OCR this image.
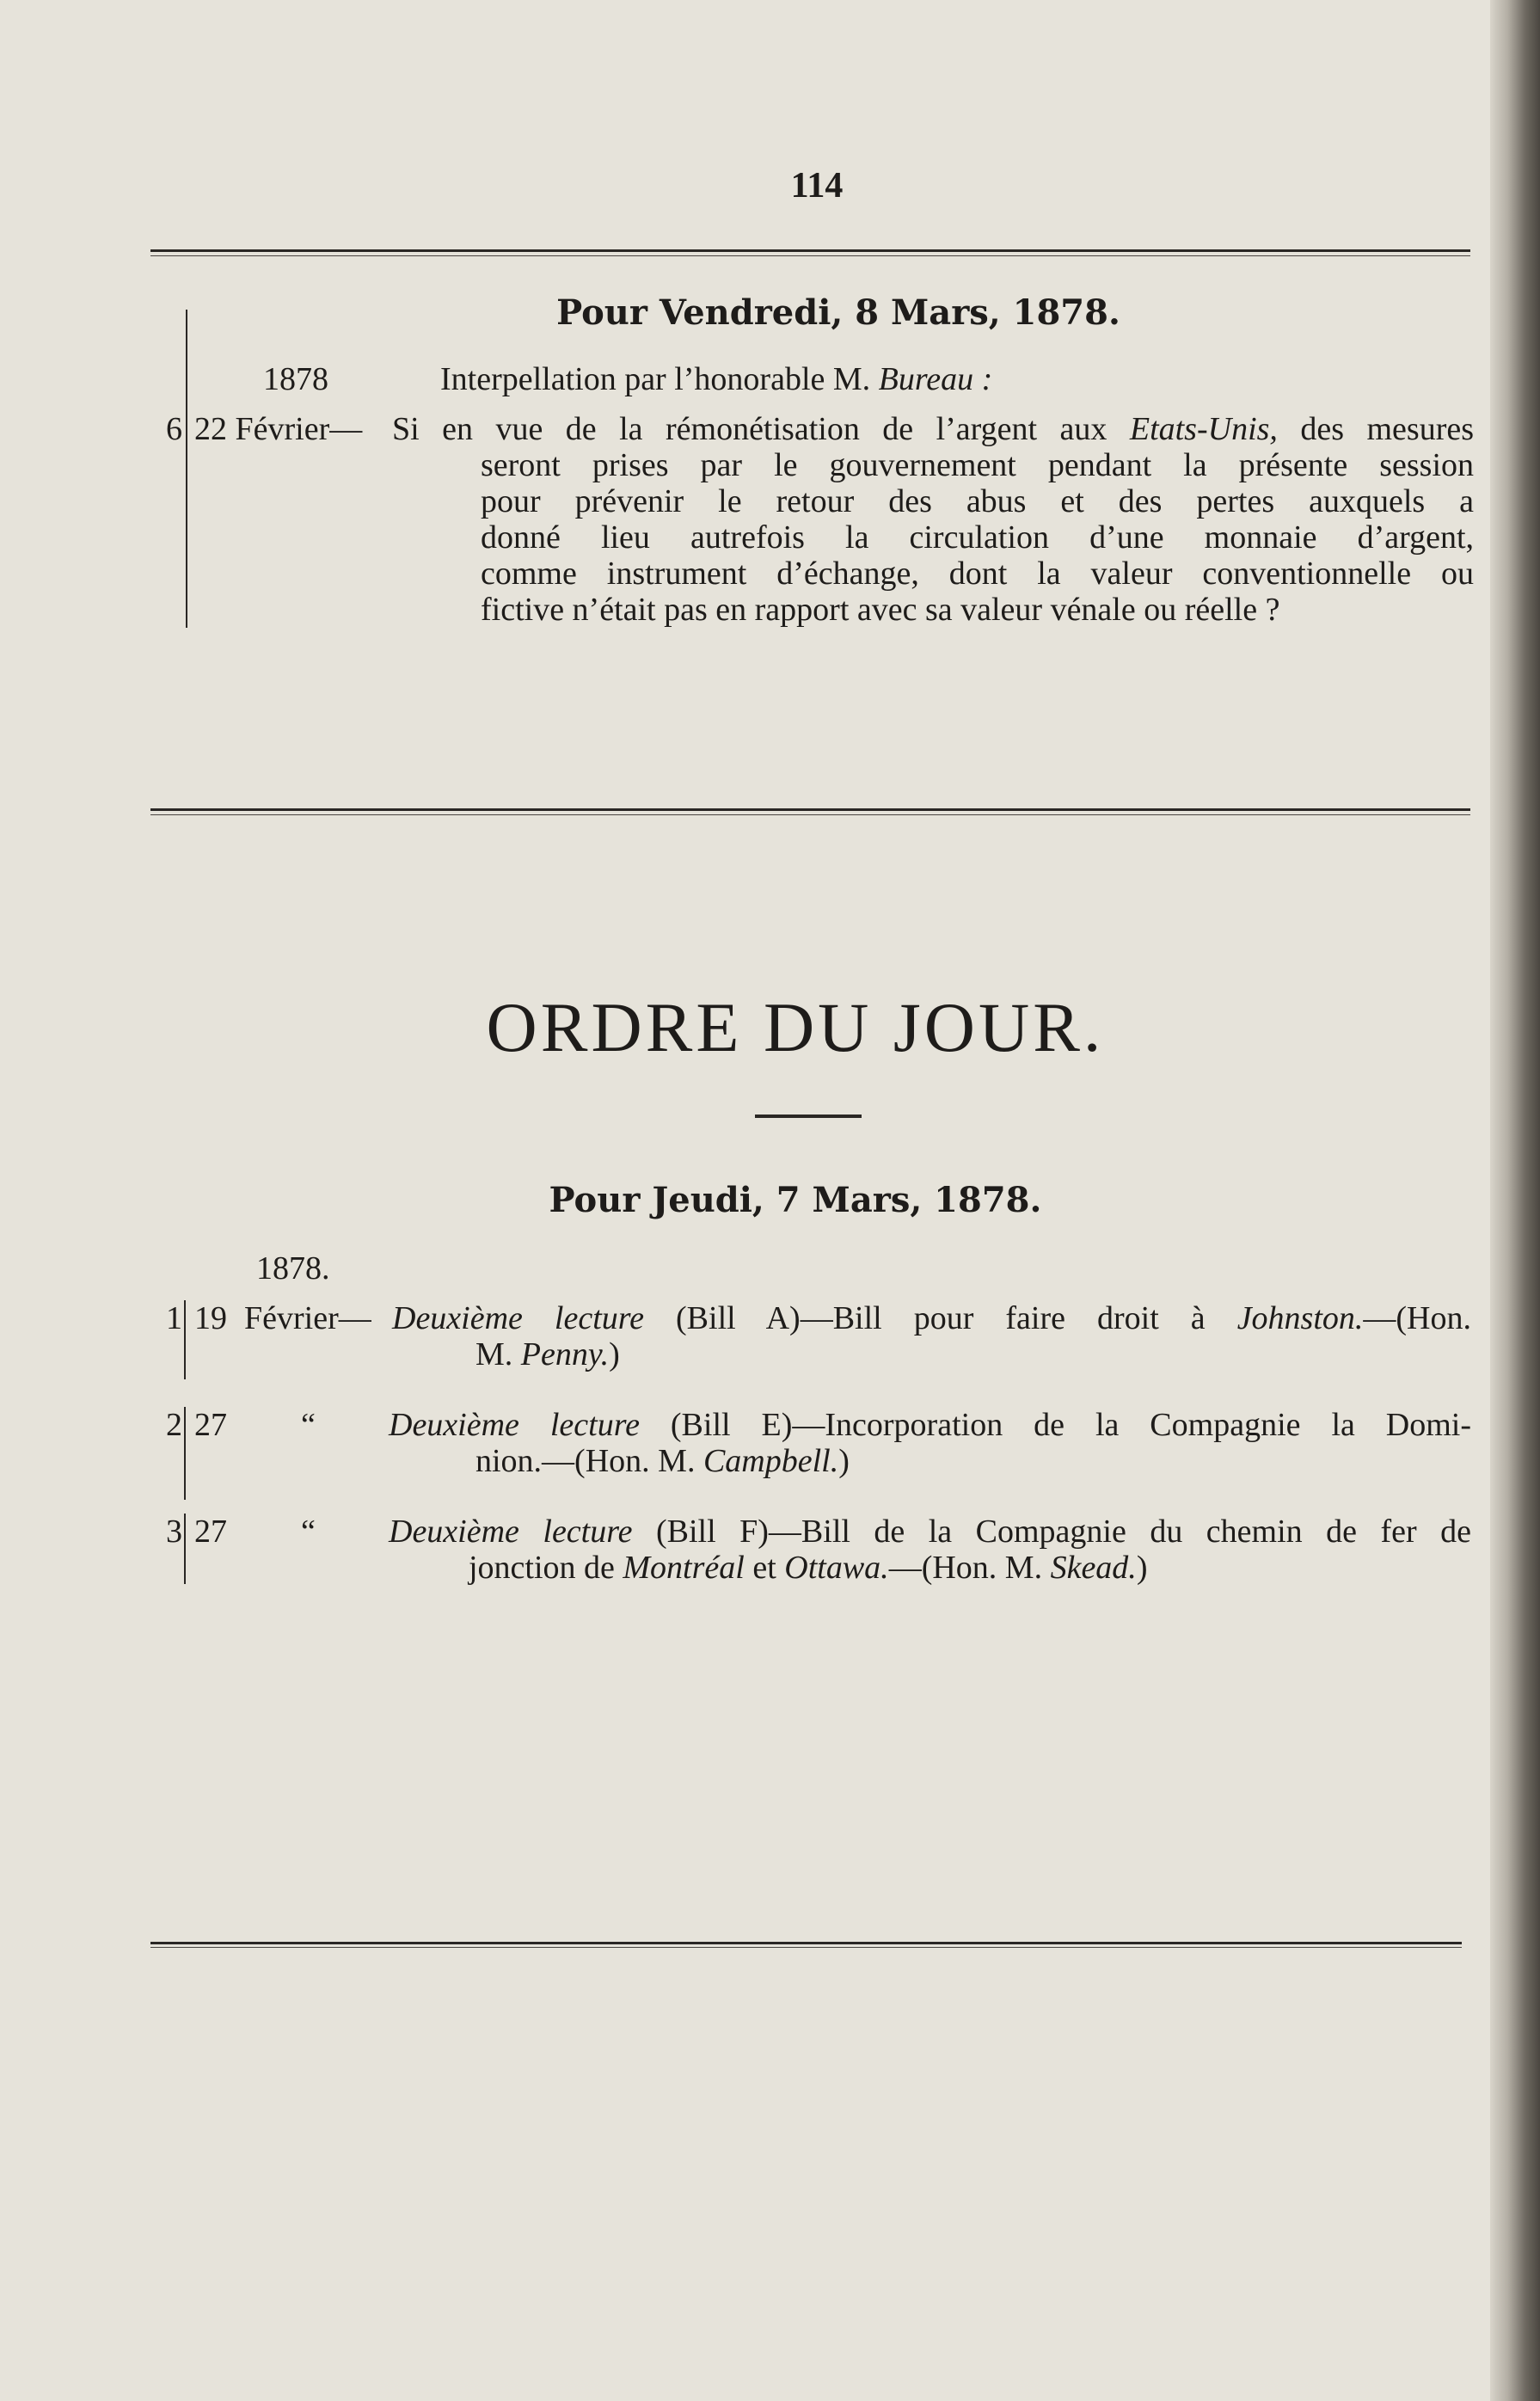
114
Pour Vendredi, 8 Mars, 1878.
1878	Interpellation par l’honorable M. Bureau :
6 22 Février— Si en vue de la rémonétisation de l’argent aux Etats-Unis, des mesures
seront prises par le gouvernement pendant la présente session
pour prévenir le retour des abus et des pertes auxquels a
donné lieu autrefois la circulation d’une monnaie d’argent,
comme instrument d’échange, dont la valeur conventionnelle ou
fictive n’était pas en rapport avec sa valeur vénale ou réelle ?
ORDRE DU JOUR.
Pour Jeudi, 7 Mars, 1878.
1878.
1 19 Février— Deuxième lecture (Bill A)—Bill pour faire droit à Johnston.—(Hon.
M. Penny.)
2 27 “ Deuxième lecture (Bill E)—Incorporation de la Compagnie la Domi-
nion.—(Hon. M. Campbell.)
3 27 “ Deuxième lecture (Bill F)—Bill de la Compagnie du chemin de fer de
jonction de Montréal et Ottawa.—(Hon. M. Skead.)
